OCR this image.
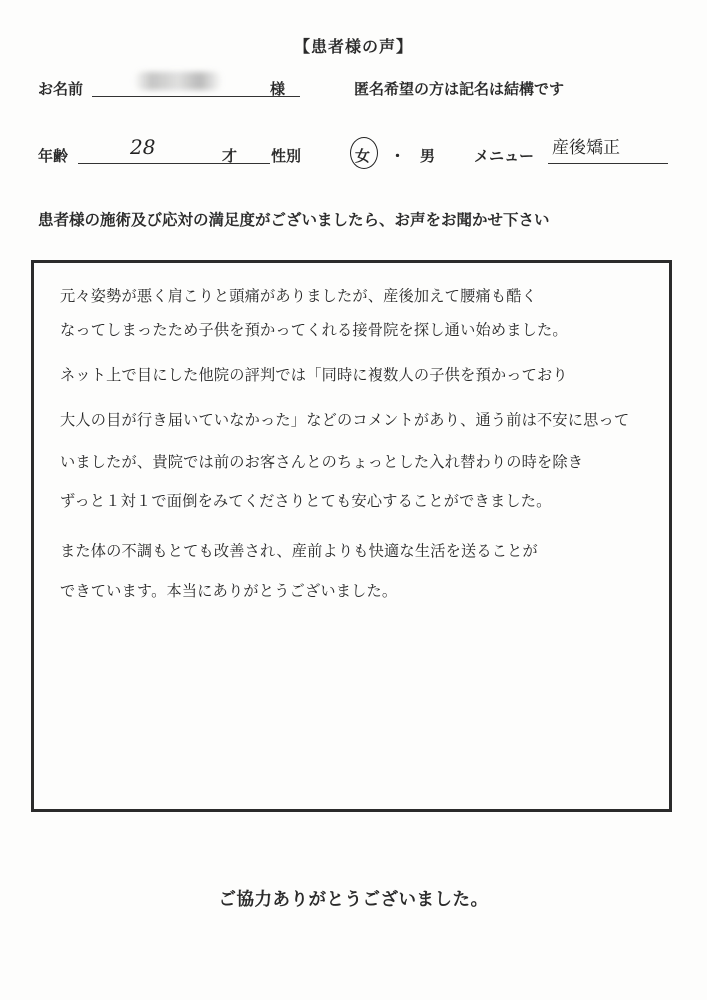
【患者様の声】
お名前	様	匿名希望の方は記名は結構です
年齢	28	才 性別	女 ・ 男	メニュー 産後矯正
患者様の施術及び応対の満足度がございましたら、お声をお聞かせ下さい
元々姿勢が悪く肩こりと頭痛がありましたが、産後加えて腰痛も酷く
なってしまったため子供を預かってくれる接骨院を探し通い始めました。
ネット上で目にした他院の評判では「同時に複数人の子供を預かっており
大人の目が行き届いていなかった」などのコメントがあり、通う前は不安に思って
いましたが、貴院では前のお客さんとのちょっとした入れ替わりの時を除き
ずっと１対１で面倒をみてくださりとても安心することができました。
また体の不調もとても改善され、産前よりも快適な生活を送ることが
できています。本当にありがとうございました。
ご協力ありがとうございました。
